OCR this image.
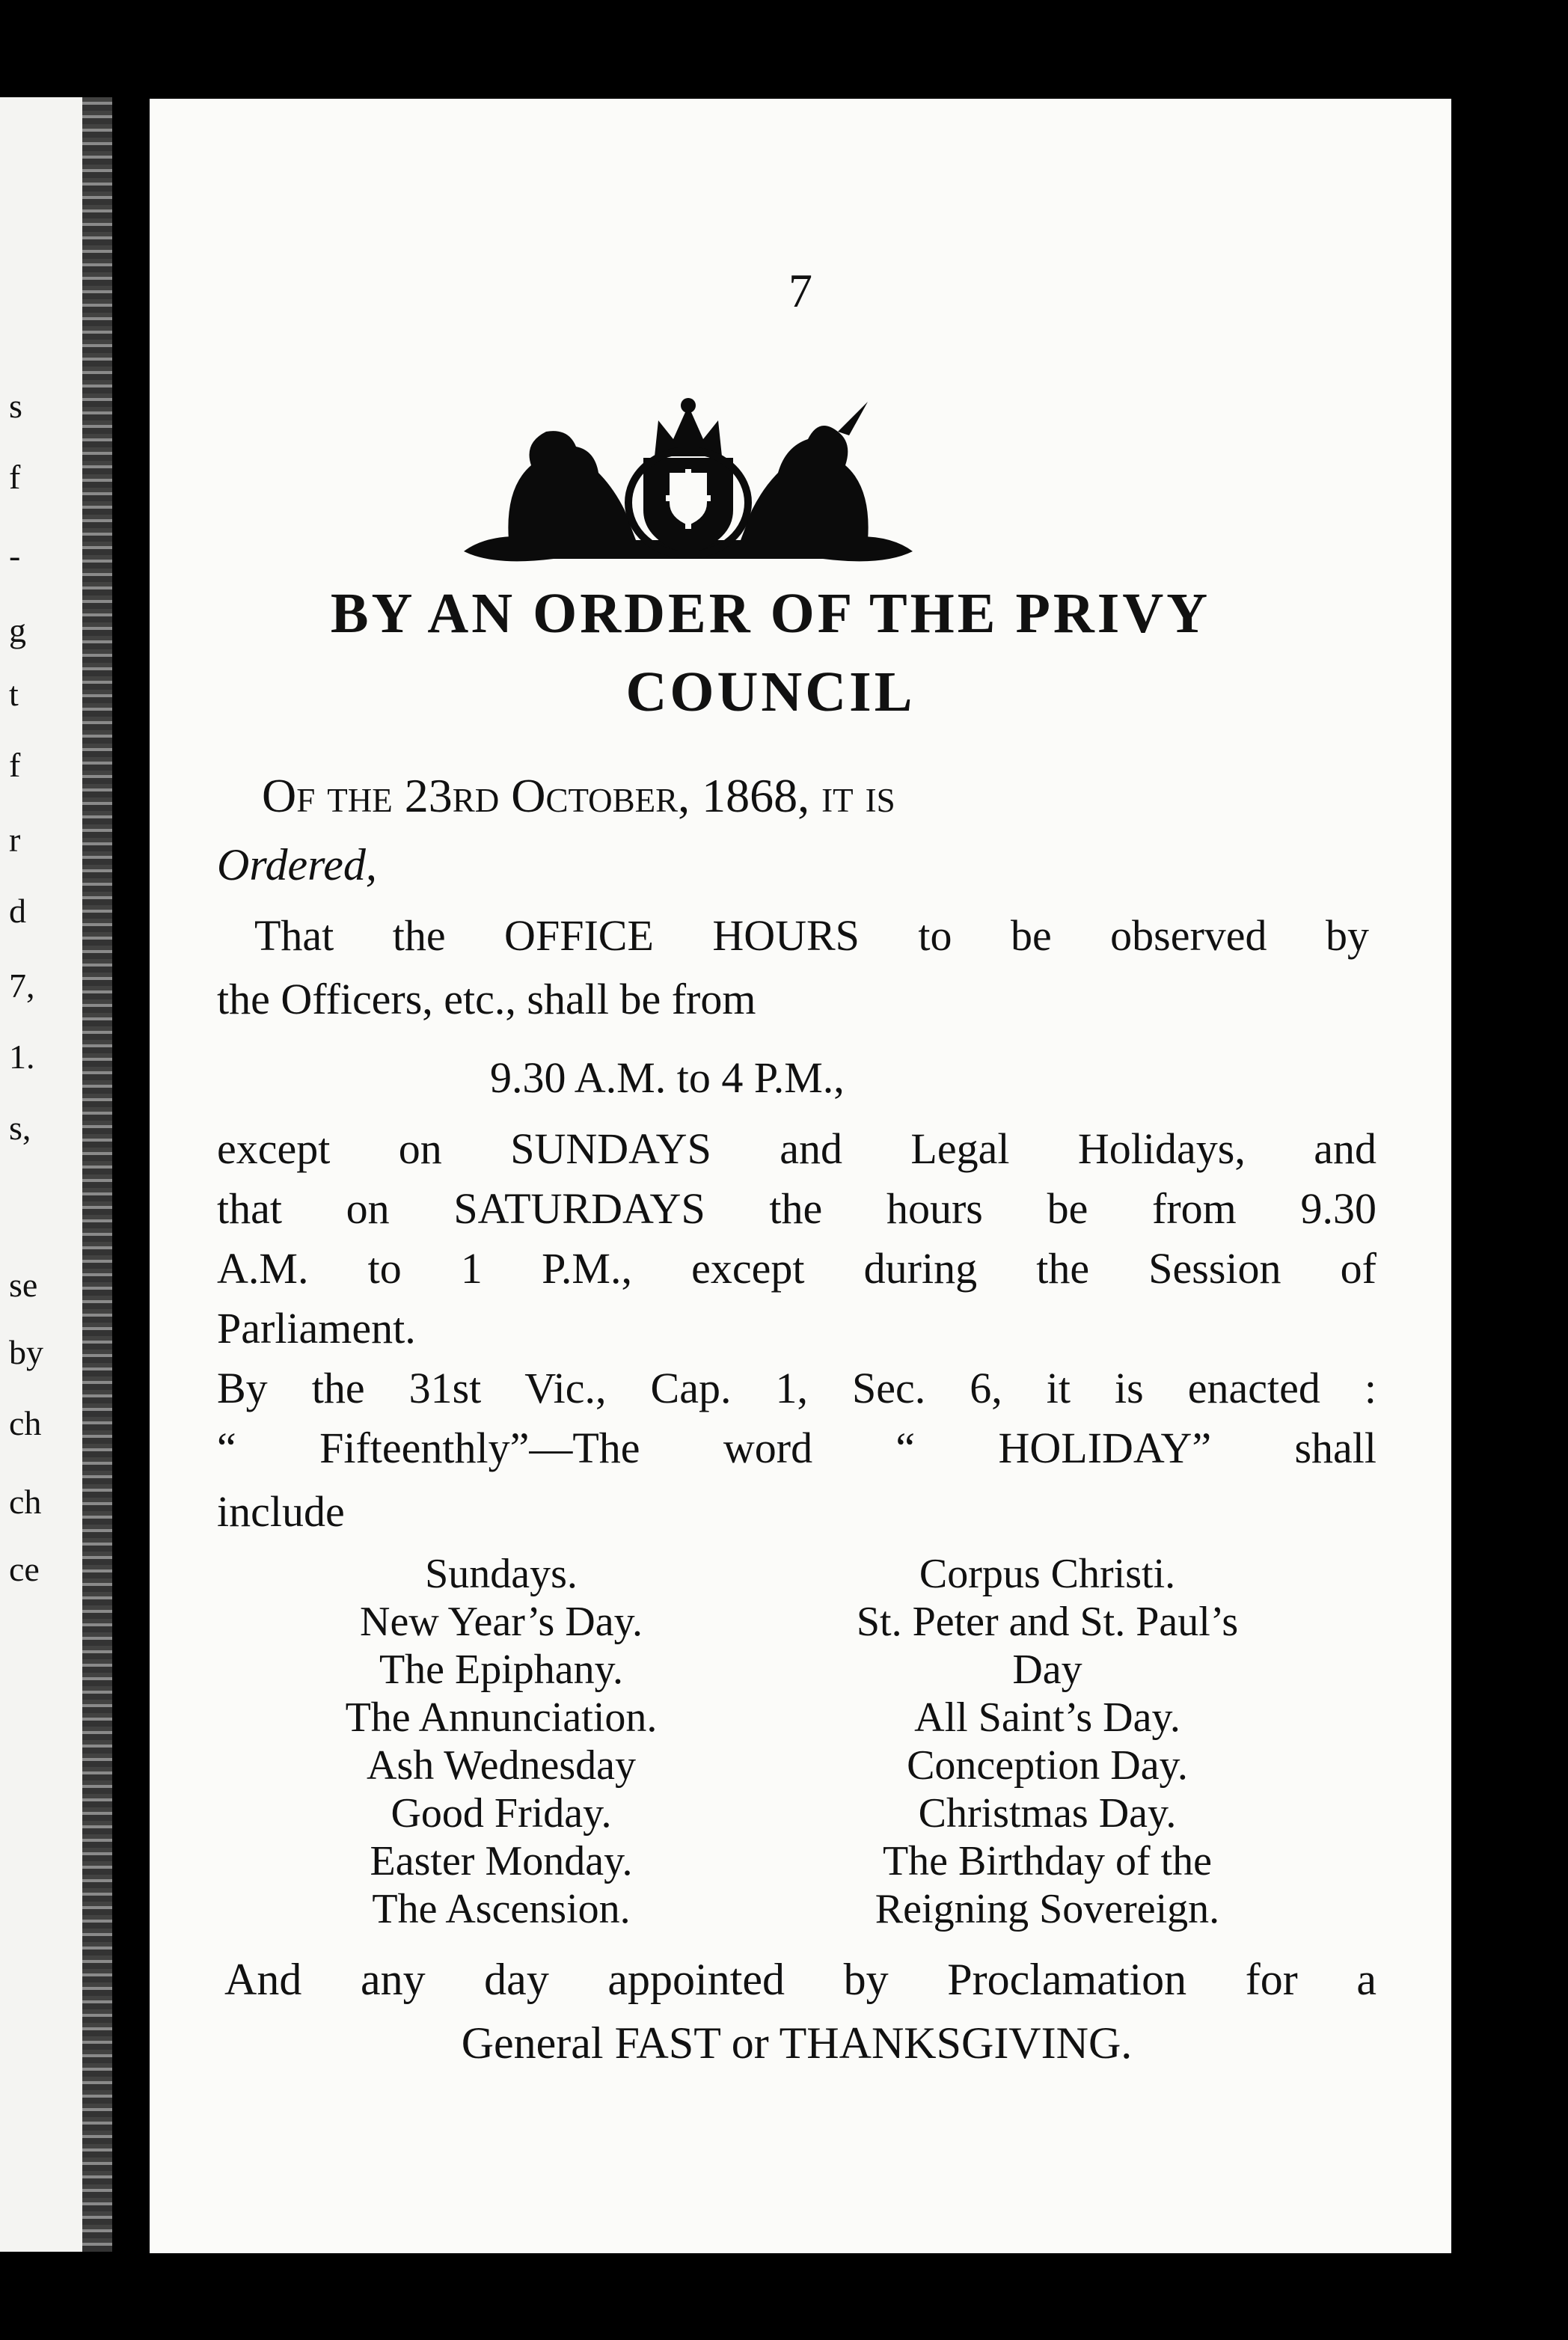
s
f
-
g
t
f
r
d
7,
1.
s,
se
by
ch
ch
ce
7
BY AN ORDER OF THE PRIVY
COUNCIL
Of the 23rd October, 1868, it is
Ordered,
That the OFFICE HOURS to be observed by
the Officers, etc., shall be from
9.30 A.M. to 4 P.M.,
except on SUNDAYS and Legal Holidays, and
that on SATURDAYS the hours be from 9.30
A.M. to 1 P.M., except during the Session of
Parliament.
By the 31st Vic., Cap. 1, Sec. 6, it is enacted :
“ Fifteenthly”—The word “ HOLIDAY” shall
include
Sundays.
New Year’s Day.
The Epiphany.
The Annunciation.
Ash Wednesday
Good Friday.
Easter Monday.
The Ascension.
Corpus Christi.
St. Peter and St. Paul’s
Day
All Saint’s Day.
Conception Day.
Christmas Day.
The Birthday of the
Reigning Sovereign.
And any day appointed by Proclamation for a
General FAST or THANKSGIVING.
